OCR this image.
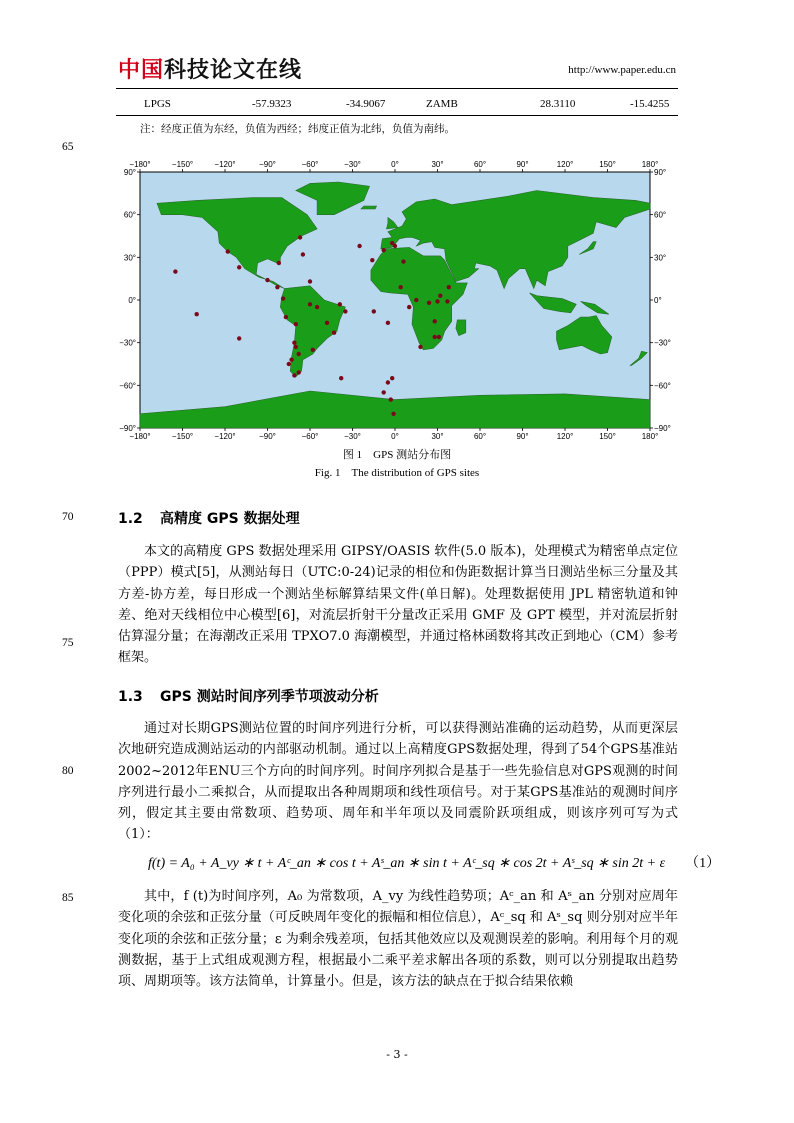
中国科技论文在线	http://www.paper.edu.cn
LPGS	-57.9323	-34.9067	ZAMB	28.3110	-15.4255
注：经度正值为东经，负值为西经；纬度正值为北纬，负值为南纬。
65
70
75
80
85
−180°
−180°
−150°
−150°
−120°
−120°
−90°
−90°
−60°
−60°
−30°
−30°
0°
0°
30°
30°
60°
60°
90°
90°
120°
120°
150°
150°
180°
180°
90°	90°
60°	60°
30°	30°
0°	0°
−30°	−30°
−60°	−60°
−90°	−90°
图 1　GPS 测站分布图
Fig. 1　The distribution of GPS sites
1.2 高精度 GPS 数据处理

本文的高精度 GPS 数据处理采用 GIPSY/OASIS 软件(5.0 版本)，处理模式为精密单点定位（PPP）模式[5]，从测站每日（UTC:0-24)记录的相位和伪距数据计算当日测站坐标三分量及其方差-协方差，每日形成一个测站坐标解算结果文件(单日解)。处理数据使用 JPL 精密轨道和钟差、绝对天线相位中心模型[6]，对流层折射干分量改正采用 GMF 及 GPT 模型，并对流层折射估算湿分量；在海潮改正采用 TPXO7.0 海潮模型，并通过格林函数将其改正到地心（CM）参考框架。

1.3 GPS 测站时间序列季节项波动分析

通过对长期GPS测站位置的时间序列进行分析，可以获得测站准确的运动趋势，从而更深层次地研究造成测站运动的内部驱动机制。通过以上高精度GPS数据处理，得到了54个GPS基准站2002~2012年ENU三个方向的时间序列。时间序列拟合是基于一些先验信息对GPS观测的时间序列进行最小二乘拟合，从而提取出各种周期项和线性项信号。对于某GPS基准站的观测时间序列，假定其主要由常数项、趋势项、周年和半年项以及同震阶跃项组成，则该序列可写为式（1）：

f(t) = A₀ + A_vy ∗ t + Aᶜ_an ∗ cos t + Aˢ_an ∗ sin t + Aᶜ_sq ∗ cos 2t + Aˢ_sq ∗ sin 2t + ε （1）

其中，f (t)为时间序列，A₀ 为常数项，A_vy 为线性趋势项；Aᶜ_an 和 Aˢ_an 分别对应周年变化项的余弦和正弦分量（可反映周年变化的振幅和相位信息），Aᶜ_sq 和 Aˢ_sq 则分别对应半年变化项的余弦和正弦分量；ε 为剩余残差项，包括其他效应以及观测误差的影响。利用每个月的观测数据，基于上式组成观测方程，根据最小二乘平差求解出各项的系数，则可以分别提取出趋势项、周期项等。该方法简单，计算量小。但是，该方法的缺点在于拟合结果依赖

- 3 -
